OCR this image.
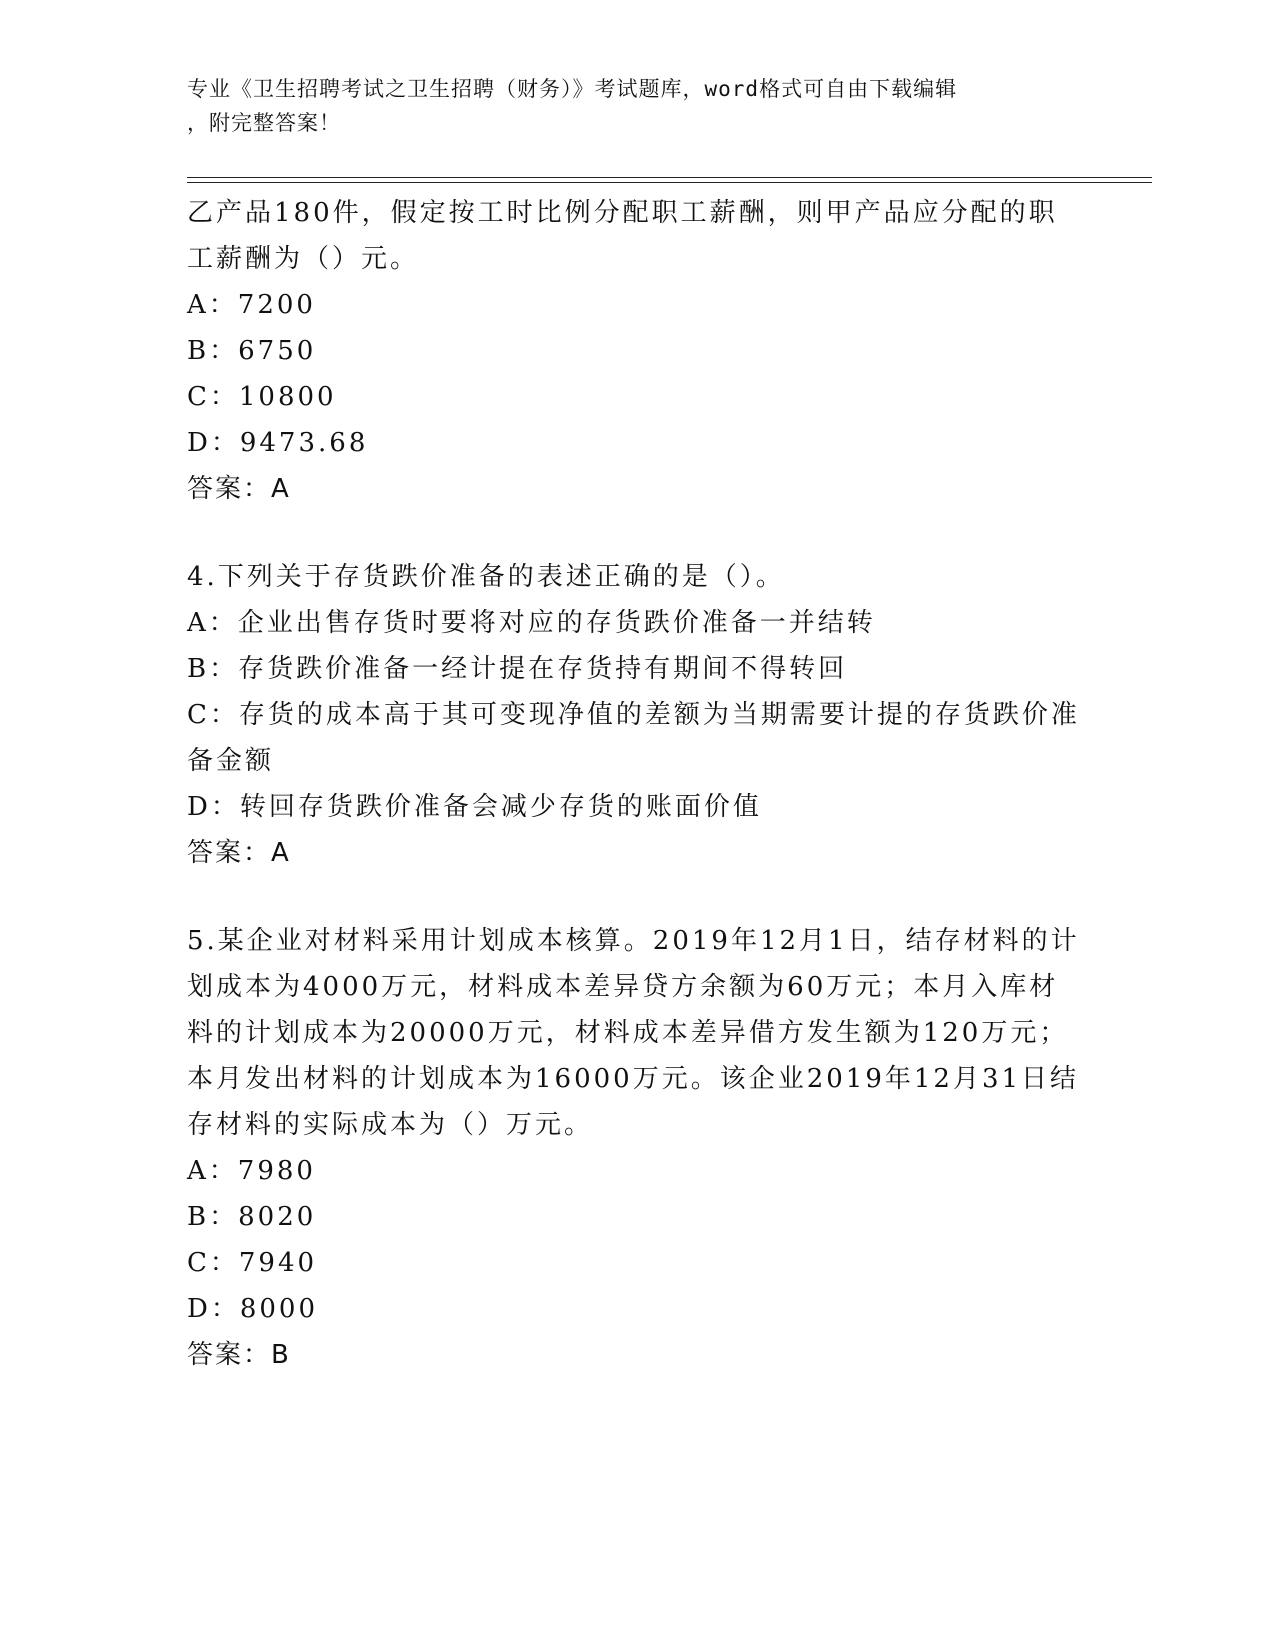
专业《卫生招聘考试之卫生招聘（财务）》考试题库，word格式可自由下载编辑
，附完整答案！
乙产品180件，假定按工时比例分配职工薪酬，则甲产品应分配的职
工薪酬为（）元。
A：7200
B：6750
C：10800
D：9473.68
答案：A
4.下列关于存货跌价准备的表述正确的是（）。
A：企业出售存货时要将对应的存货跌价准备一并结转
B：存货跌价准备一经计提在存货持有期间不得转回
C：存货的成本高于其可变现净值的差额为当期需要计提的存货跌价准
备金额
D：转回存货跌价准备会减少存货的账面价值
答案：A
5.某企业对材料采用计划成本核算。2019年12月1日，结存材料的计
划成本为4000万元，材料成本差异贷方余额为60万元；本月入库材
料的计划成本为20000万元，材料成本差异借方发生额为120万元；
本月发出材料的计划成本为16000万元。该企业2019年12月31日结
存材料的实际成本为（）万元。
A：7980
B：8020
C：7940
D：8000
答案：B
